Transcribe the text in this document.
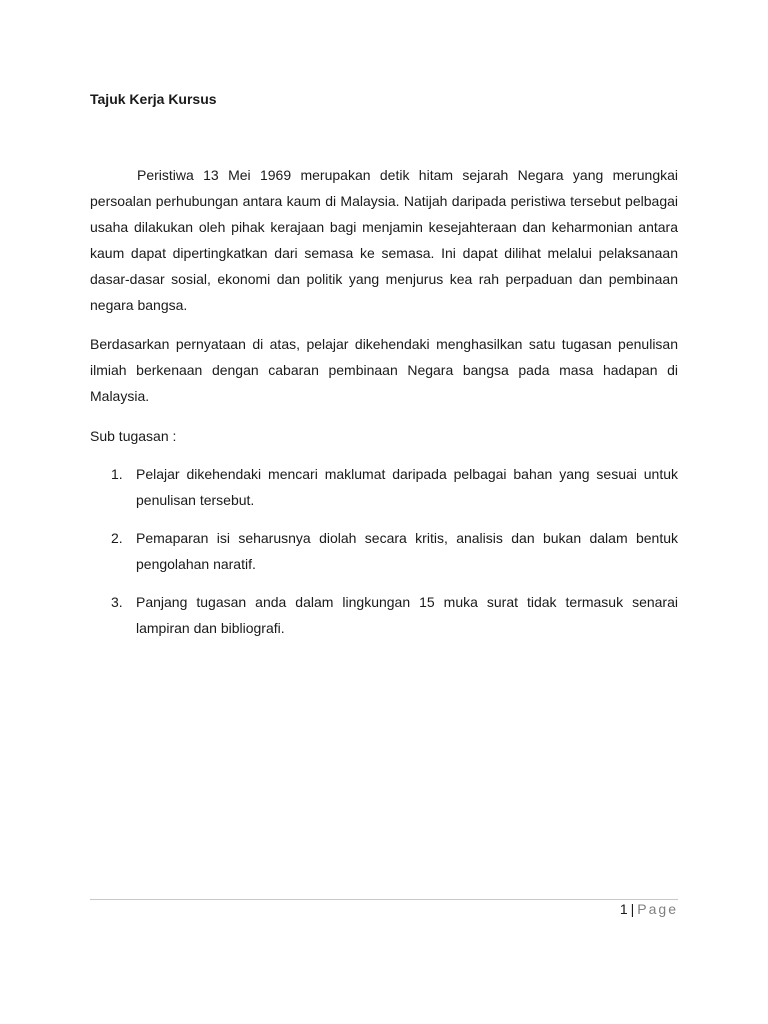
Tajuk Kerja Kursus

Peristiwa 13 Mei 1969 merupakan detik hitam sejarah Negara yang merungkai persoalan perhubungan antara kaum di Malaysia. Natijah daripada peristiwa tersebut pelbagai usaha dilakukan oleh pihak kerajaan bagi menjamin kesejahteraan dan keharmonian antara kaum dapat dipertingkatkan dari semasa ke semasa. Ini dapat dilihat melalui pelaksanaan dasar-dasar sosial, ekonomi dan politik yang menjurus kea rah perpaduan dan pembinaan negara bangsa.

Berdasarkan pernyataan di atas, pelajar dikehendaki menghasilkan satu tugasan penulisan ilmiah berkenaan dengan cabaran pembinaan Negara bangsa pada masa hadapan di Malaysia.

Sub tugasan :

1. Pelajar dikehendaki mencari maklumat daripada pelbagai bahan yang sesuai untuk penulisan tersebut.
2. Pemaparan isi seharusnya diolah secara kritis, analisis dan bukan dalam bentuk pengolahan naratif.
3. Panjang tugasan anda dalam lingkungan 15 muka surat tidak termasuk senarai lampiran dan bibliografi.
1 | Page
